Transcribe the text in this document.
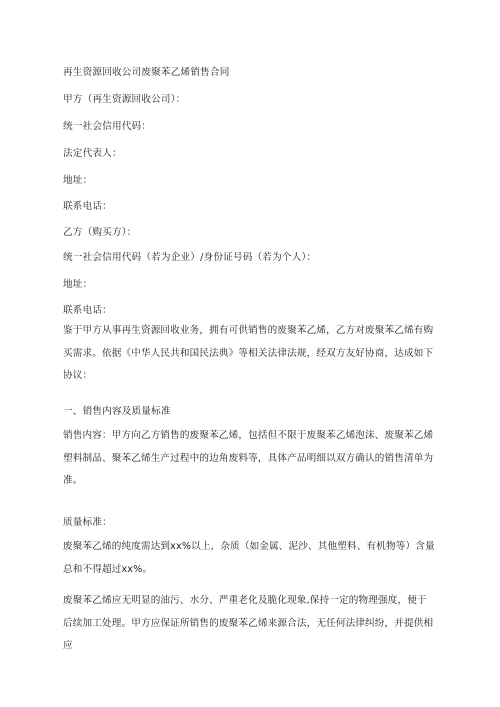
再生资源回收公司废聚苯乙烯销售合同
甲方（再生资源回收公司）：
统一社会信用代码：
法定代表人：
地址：
联系电话：
乙方（购买方）：
统一社会信用代码（若为企业）/身份证号码（若为个人）：
地址：
联系电话：
鉴于甲方从事再生资源回收业务，拥有可供销售的废聚苯乙烯，乙方对废聚苯乙烯有购买需求。依据《中华人民共和国民法典》等相关法律法规，经双方友好协商，达成如下协议：
一、销售内容及质量标准
销售内容：甲方向乙方销售的废聚苯乙烯，包括但不限于废聚苯乙烯泡沫、废聚苯乙烯塑料制品、聚苯乙烯生产过程中的边角废料等，具体产品明细以双方确认的销售清单为准。
质量标准：
废聚苯乙烯的纯度需达到xx%以上，杂质（如金属、泥沙、其他塑料、有机物等）含量总和不得超过xx%。
废聚苯乙烯应无明显的油污、水分、严重老化及脆化现象,保持一定的物理强度，便于后续加工处理。甲方应保证所销售的废聚苯乙烯来源合法，无任何法律纠纷，并提供相应
